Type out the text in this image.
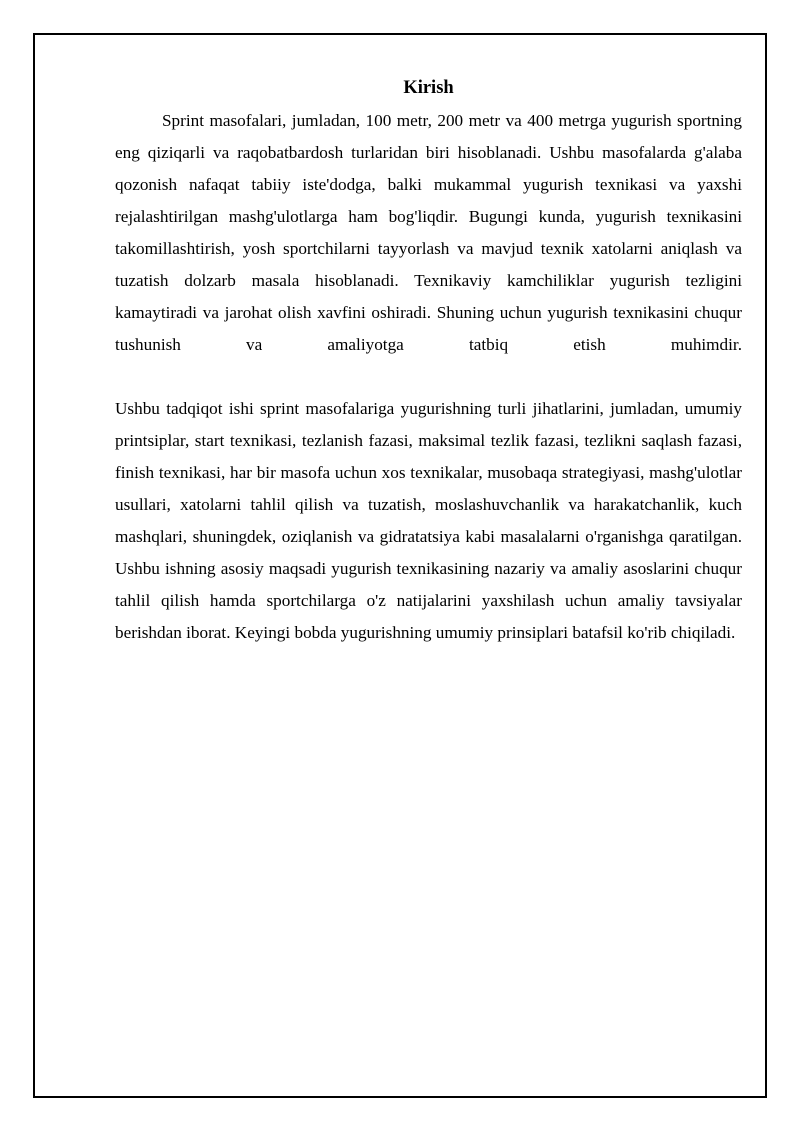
Kirish

Sprint masofalari, jumladan, 100 metr, 200 metr va 400 metrga yugurish sportning eng qiziqarli va raqobatbardosh turlaridan biri hisoblanadi. Ushbu masofalarda g'alaba qozonish nafaqat tabiiy iste'dodga, balki mukammal yugurish texnikasi va yaxshi rejalashtirilgan mashg'ulotlarga ham bog'liqdir. Bugungi kunda, yugurish texnikasini takomillashtirish, yosh sportchilarni tayyorlash va mavjud texnik xatolarni aniqlash va tuzatish dolzarb masala hisoblanadi. Texnikaviy kamchiliklar yugurish tezligini kamaytiradi va jarohat olish xavfini oshiradi. Shuning uchun yugurish texnikasini chuqur tushunish va amaliyotga tatbiq etish muhimdir.

Ushbu tadqiqot ishi sprint masofalariga yugurishning turli jihatlarini, jumladan, umumiy printsiplar, start texnikasi, tezlanish fazasi, maksimal tezlik fazasi, tezlikni saqlash fazasi, finish texnikasi, har bir masofa uchun xos texnikalar, musobaqa strategiyasi, mashg'ulotlar usullari, xatolarni tahlil qilish va tuzatish, moslashuvchanlik va harakatchanlik, kuch mashqlari, shuningdek, oziqlanish va gidratatsiya kabi masalalarni o'rganishga qaratilgan. Ushbu ishning asosiy maqsadi yugurish texnikasining nazariy va amaliy asoslarini chuqur tahlil qilish hamda sportchilarga o'z natijalarini yaxshilash uchun amaliy tavsiyalar berishdan iborat. Keyingi bobda yugurishning umumiy prinsiplari batafsil ko'rib chiqiladi.
